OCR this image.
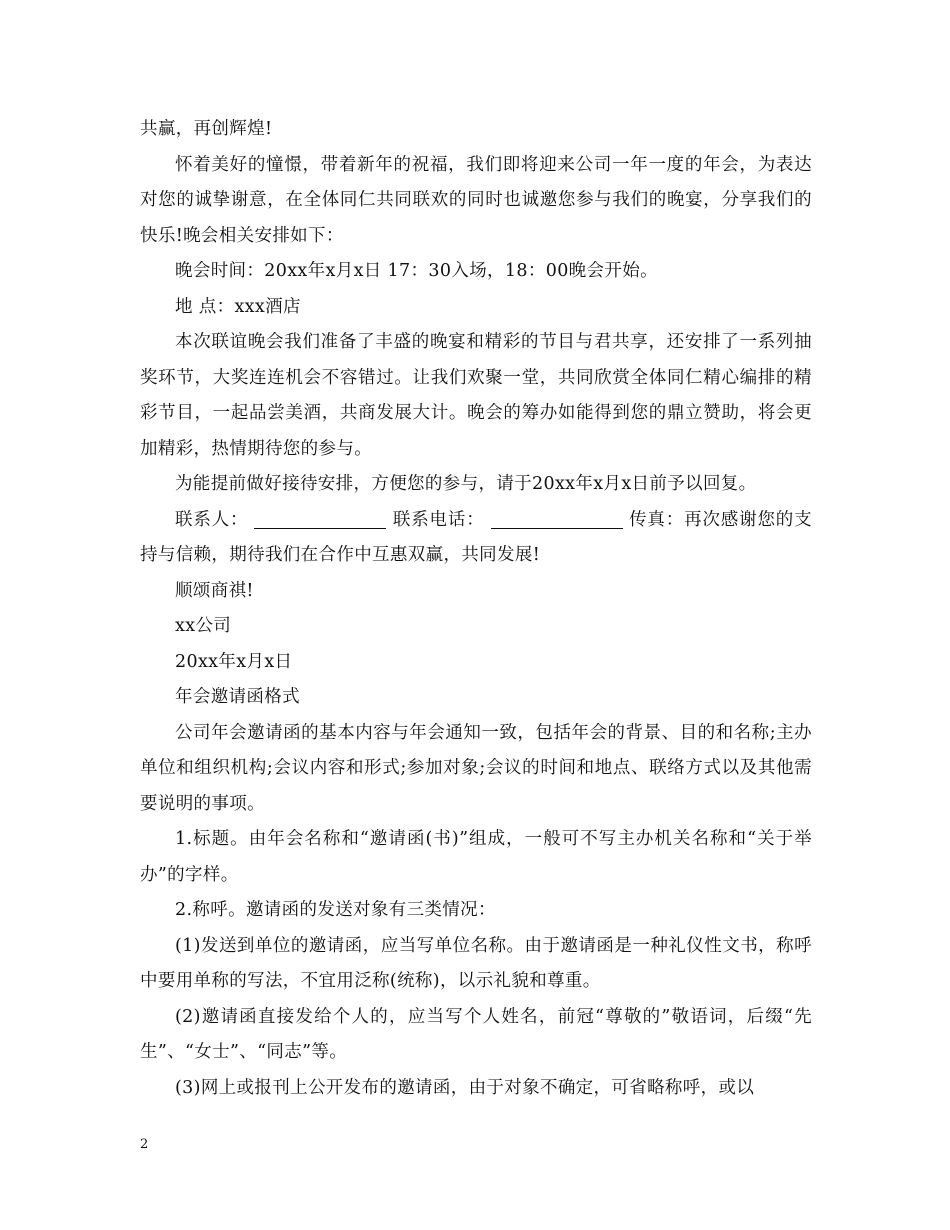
共赢，再创辉煌!

怀着美好的憧憬，带着新年的祝福，我们即将迎来公司一年一度的年会，为表达对您的诚挚谢意，在全体同仁共同联欢的同时也诚邀您参与我们的晚宴，分享我们的快乐!晚会相关安排如下：

晚会时间：20xx年x月x日 17：30入场，18：00晚会开始。

地 点：xxx酒店

本次联谊晚会我们准备了丰盛的晚宴和精彩的节目与君共享，还安排了一系列抽奖环节，大奖连连机会不容错过。让我们欢聚一堂，共同欣赏全体同仁精心编排的精彩节目，一起品尝美酒，共商发展大计。晚会的筹办如能得到您的鼎立赞助，将会更加精彩，热情期待您的参与。

为能提前做好接待安排，方便您的参与，请于20xx年x月x日前予以回复。

联系人：	联系电话：	传真：再次感谢您的支持与信赖，期待我们在合作中互惠双赢，共同发展!

顺颂商祺!

xx公司

20xx年x月x日

年会邀请函格式

公司年会邀请函的基本内容与年会通知一致，包括年会的背景、目的和名称;主办单位和组织机构;会议内容和形式;参加对象;会议的时间和地点、联络方式以及其他需要说明的事项。

1.标题。由年会名称和“邀请函(书)”组成，一般可不写主办机关名称和“关于举办”的字样。

2.称呼。邀请函的发送对象有三类情况：

(1)发送到单位的邀请函，应当写单位名称。由于邀请函是一种礼仪性文书，称呼中要用单称的写法，不宜用泛称(统称)，以示礼貌和尊重。

(2)邀请函直接发给个人的，应当写个人姓名，前冠“尊敬的”敬语词，后缀“先生”、“女士”、“同志”等。

(3)网上或报刊上公开发布的邀请函，由于对象不确定，可省略称呼，或以

2
